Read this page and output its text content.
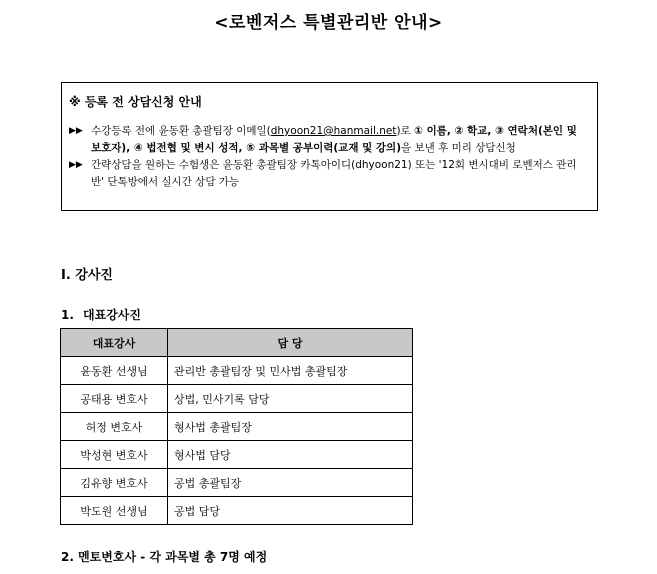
<로벤저스 특별관리반 안내>
※ 등록 전 상담신청 안내
▶▶ 수강등록 전에 윤동환 총괄팀장 이메일(dhyoon21@hanmail.net)로 ① 이름, ② 학교, ③ 연락처(본인 및 보호자), ④ 법전협 및 변시 성적, ⑤ 과목별 공부이력(교재 및 강의)을 보낸 후 미리 상담신청
▶▶ 간략상담을 원하는 수험생은 윤동환 총괄팀장 카톡아이디(dhyoon21) 또는 '12회 변시대비 로벤저스 관리반' 단톡방에서 실시간 상담 가능
Ⅰ. 강사진
1. 대표강사진
대표강사	담 당
윤동환 선생님	관리반 총괄팀장 및 민사법 총괄팀장
공태용 변호사	상법, 민사기록 담당
허정 변호사	형사법 총괄팀장
박성현 변호사	형사법 담당
김유향 변호사	공법 총괄팀장
박도원 선생님	공법 담당
2. 멘토변호사 - 각 과목별 총 7명 예정
